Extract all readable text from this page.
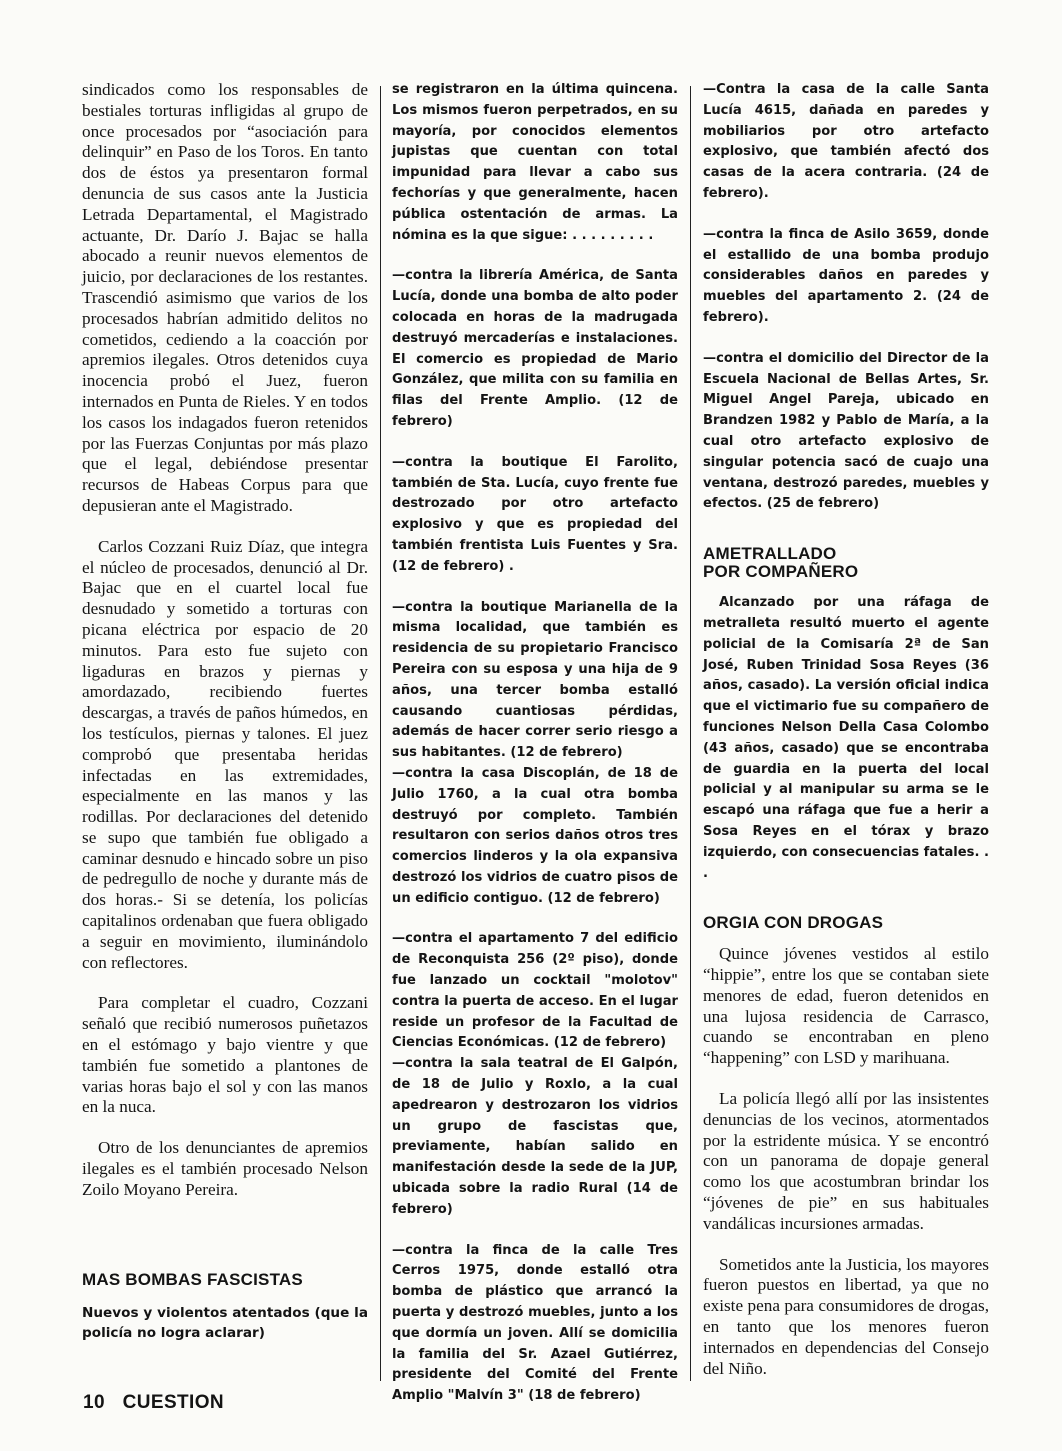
sindicados como los responsables de bestiales torturas infligidas al grupo de once procesados por “asociación para delinquir” en Paso de los Toros. En tanto dos de éstos ya presentaron formal denuncia de sus casos ante la Justicia Letrada Departamental, el Magistrado actuante, Dr. Darío J. Bajac se halla abocado a reunir nuevos elementos de juicio, por declaraciones de los restantes. Trascendió asimismo que varios de los procesados habrían admitido delitos no cometidos, cediendo a la coacción por apremios ilegales. Otros detenidos cuya inocencia probó el Juez, fueron internados en Punta de Rieles. Y en todos los casos los indagados fueron retenidos por las Fuerzas Conjuntas por más plazo que el legal, debiéndose presentar recursos de Habeas Corpus para que depusieran ante el Magistrado.

Carlos Cozzani Ruiz Díaz, que integra el núcleo de procesados, denunció al Dr. Bajac que en el cuartel local fue desnudado y sometido a torturas con picana eléctrica por espacio de 20 minutos. Para esto fue sujeto con ligaduras en brazos y piernas y amordazado, recibiendo fuertes descargas, a través de paños húmedos, en los testículos, piernas y talones. El juez comprobó que presentaba heridas infectadas en las extremidades, especialmente en las manos y las rodillas. Por declaraciones del detenido se supo que también fue obligado a caminar desnudo e hincado sobre un piso de pedregullo de noche y durante más de dos horas.- Si se detenía, los policías capitalinos ordenaban que fuera obligado a seguir en movimiento, iluminándolo con reflectores.

Para completar el cuadro, Cozzani señaló que recibió numerosos puñetazos en el estómago y bajo vientre y que también fue sometido a plantones de varias horas bajo el sol y con las manos en la nuca.

Otro de los denunciantes de apremios ilegales es el también procesado Nelson Zoilo Moyano Pereira.

MAS BOMBAS FASCISTAS

Nuevos y violentos atentados (que la policía no logra aclarar)

se registraron en la última quincena. Los mismos fueron perpetrados, en su mayoría, por conocidos elementos jupistas que cuentan con total impunidad para llevar a cabo sus fechorías y que generalmente, hacen pública ostentación de armas. La nómina es la que sigue: . . . . . . . . .

—contra la librería América, de Santa Lucía, donde una bomba de alto poder colocada en horas de la madrugada destruyó mercaderías e instalaciones. El comercio es propiedad de Mario González, que milita con su familia en filas del Frente Amplio. (12 de febrero)

—contra la boutique El Farolito, también de Sta. Lucía, cuyo frente fue destrozado por otro artefacto explosivo y que es propiedad del también frentista Luis Fuentes y Sra. (12 de febrero) .

—contra la boutique Marianella de la misma localidad, que también es residencia de su propietario Francisco Pereira con su esposa y una hija de 9 años, una tercer bomba estalló causando cuantiosas pérdidas, además de hacer correr serio riesgo a sus habitantes. (12 de febrero)

—contra la casa Discoplán, de 18 de Julio 1760, a la cual otra bomba destruyó por completo. También resultaron con serios daños otros tres comercios linderos y la ola expansiva destrozó los vidrios de cuatro pisos de un edificio contiguo. (12 de febrero)

—contra el apartamento 7 del edificio de Reconquista 256 (2º piso), donde fue lanzado un cocktail "molotov" contra la puerta de acceso. En el lugar reside un profesor de la Facultad de Ciencias Económicas. (12 de febrero)

—contra la sala teatral de El Galpón, de 18 de Julio y Roxlo, a la cual apedrearon y destrozaron los vidrios un grupo de fascistas que, previamente, habían salido en manifestación desde la sede de la JUP, ubicada sobre la radio Rural (14 de febrero)

—contra la finca de la calle Tres Cerros 1975, donde estalló otra bomba de plástico que arrancó la puerta y destrozó muebles, junto a los que dormía un joven. Allí se domicilia la familia del Sr. Azael Gutiérrez, presidente del Comité del Frente Amplio "Malvín 3" (18 de febrero)

—Contra la casa de la calle Santa Lucía 4615, dañada en paredes y mobiliarios por otro artefacto explosivo, que también afectó dos casas de la acera contraria. (24 de febrero).

—contra la finca de Asilo 3659, donde el estallido de una bomba produjo considerables daños en paredes y muebles del apartamento 2. (24 de febrero).

—contra el domicilio del Director de la Escuela Nacional de Bellas Artes, Sr. Miguel Angel Pareja, ubicado en Brandzen 1982 y Pablo de María, a la cual otro artefacto explosivo de singular potencia sacó de cuajo una ventana, destrozó paredes, muebles y efectos. (25 de febrero)

AMETRALLADO
POR COMPAÑERO

Alcanzado por una ráfaga de metralleta resultó muerto el agente policial de la Comisaría 2ª de San José, Ruben Trinidad Sosa Reyes (36 años, casado). La versión oficial indica que el victimario fue su compañero de funciones Nelson Della Casa Colombo (43 años, casado) que se encontraba de guardia en la puerta del local policial y al manipular su arma se le escapó una ráfaga que fue a herir a Sosa Reyes en el tórax y brazo izquierdo, con consecuencias fatales. . .

ORGIA CON DROGAS

Quince jóvenes vestidos al estilo “hippie”, entre los que se contaban siete menores de edad, fueron detenidos en una lujosa residencia de Carrasco, cuando se encontraban en pleno “happening” con LSD y marihuana.

La policía llegó allí por las insistentes denuncias de los vecinos, atormentados por la estridente música. Y se encontró con un panorama de dopaje general como los que acostumbran brindar los “jóvenes de pie” en sus habituales vandálicas incursiones armadas.

Sometidos ante la Justicia, los mayores fueron puestos en libertad, ya que no existe pena para consumidores de drogas, en tanto que los menores fueron internados en dependencias del Consejo del Niño.

10 CUESTION
